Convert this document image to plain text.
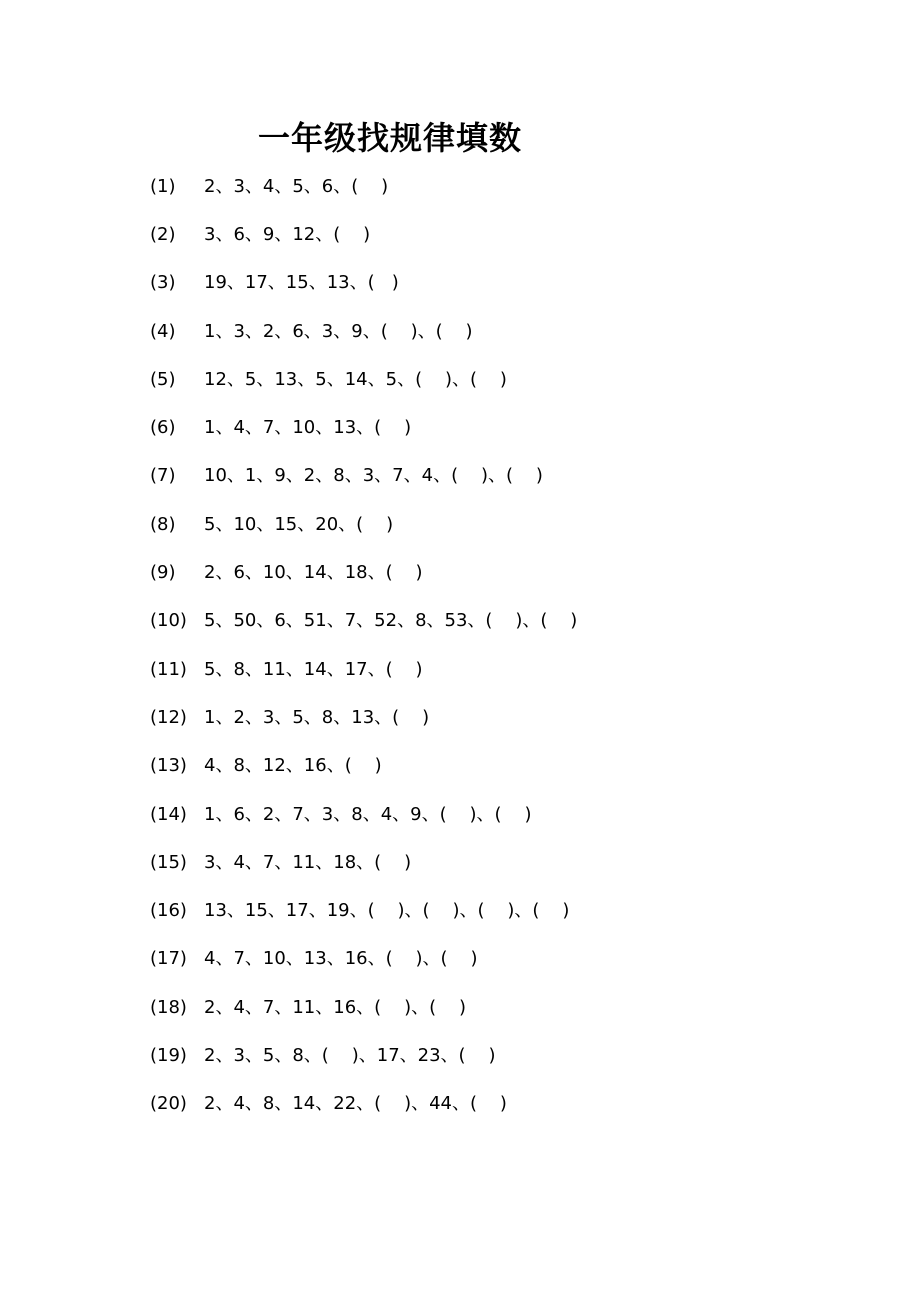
一年级找规律填数
(1)	2、3、4、5、6、(    )
(2)	3、6、9、12、(    )
(3)	19、17、15、13、(   )
(4)	1、3、2、6、3、9、(    )、(    )
(5)	12、5、13、5、14、5、(    )、(    )
(6)	1、4、7、10、13、(    )
(7)	10、1、9、2、8、3、7、4、(    )、(    )
(8)	5、10、15、20、(    )
(9)	2、6、10、14、18、(    )
(10) 5、50、6、51、7、52、8、53、(    )、(    )
(11) 5、8、11、14、17、(    )
(12) 1、2、3、5、8、13、(    )
(13) 4、8、12、16、(    )
(14) 1、6、2、7、3、8、4、9、(    )、(    )
(15) 3、4、7、11、18、(    )
(16) 13、15、17、19、(    )、(    )、(    )、(    )
(17) 4、7、10、13、16、(    )、(    )
(18) 2、4、7、11、16、(    )、(    )
(19) 2、3、5、8、(    )、17、23、(    )
(20) 2、4、8、14、22、(    )、44、(    )
